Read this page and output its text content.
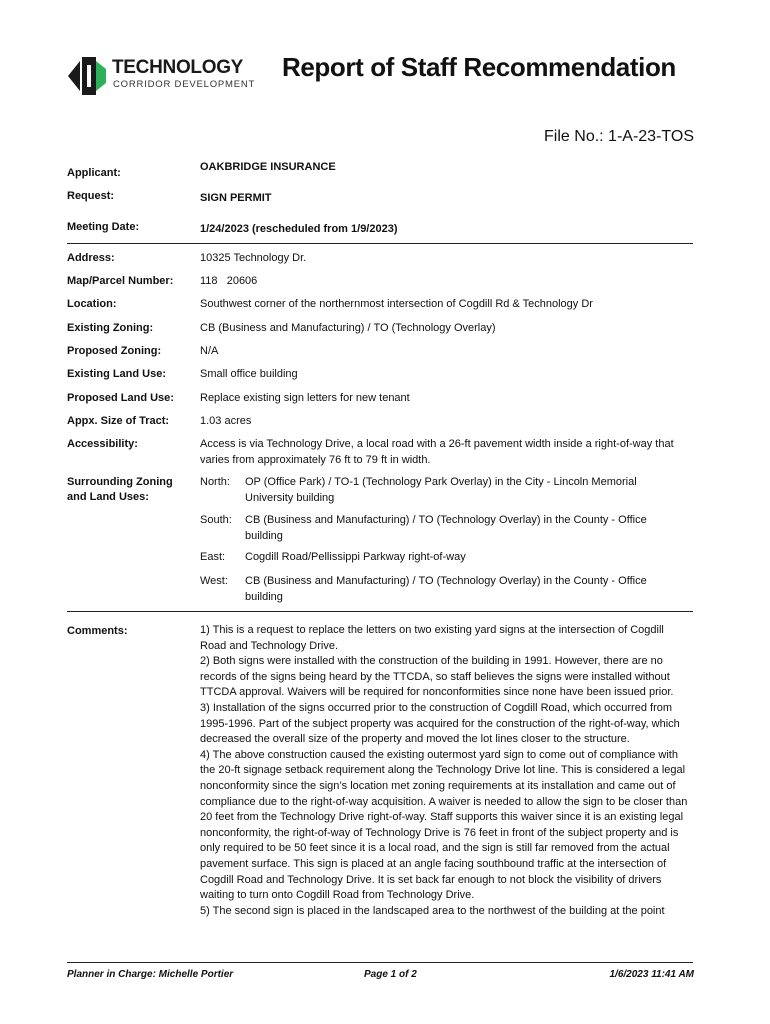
TECHNOLOGY
CORRIDOR DEVELOPMENT
Report of Staff Recommendation
File No.: 1-A-23-TOS
Applicant:	OAKBRIDGE INSURANCE
Request:	SIGN PERMIT
Meeting Date:	1/24/2023 (rescheduled from 1/9/2023)
Address:	10325 Technology Dr.
Map/Parcel Number: 118   20606
Location:	Southwest corner of the northernmost intersection of Cogdill Rd & Technology Dr
Existing Zoning:	CB (Business and Manufacturing) / TO (Technology Overlay)
Proposed Zoning:	N/A
Existing Land Use:	Small office building
Proposed Land Use: Replace existing sign letters for new tenant
Appx. Size of Tract:	1.03 acres
Accessibility:	Access is via Technology Drive, a local road with a 26-ft pavement width inside a right-of-way that varies from approximately 76 ft to 79 ft in width.
Surrounding Zoning
and Land Uses:
North: OP (Office Park) / TO-1 (Technology Park Overlay) in the City - Lincoln Memorial University building
South: CB (Business and Manufacturing) / TO (Technology Overlay) in the County - Office building
East: Cogdill Road/Pellissippi Parkway right-of-way
West: CB (Business and Manufacturing) / TO (Technology Overlay) in the County - Office building
Comments:	1) This is a request to replace the letters on two existing yard signs at the intersection of Cogdill Road and Technology Drive.

2) Both signs were installed with the construction of the building in 1991. However, there are no records of the signs being heard by the TTCDA, so staff believes the signs were installed without TTCDA approval. Waivers will be required for nonconformities since none have been issued prior.

3) Installation of the signs occurred prior to the construction of Cogdill Road, which occurred from 1995-1996. Part of the subject property was acquired for the construction of the right-of-way, which decreased the overall size of the property and moved the lot lines closer to the structure.

4) The above construction caused the existing outermost yard sign to come out of compliance with the 20-ft signage setback requirement along the Technology Drive lot line. This is considered a legal nonconformity since the sign’s location met zoning requirements at its installation and came out of compliance due to the right-of-way acquisition. A waiver is needed to allow the sign to be closer than 20 feet from the Technology Drive right-of-way. Staff supports this waiver since it is an existing legal nonconformity, the right-of-way of Technology Drive is 76 feet in front of the subject property and is only required to be 50 feet since it is a local road, and the sign is still far removed from the actual pavement surface. This sign is placed at an angle facing southbound traffic at the intersection of Cogdill Road and Technology Drive. It is set back far enough to not block the visibility of drivers waiting to turn onto Cogdill Road from Technology Drive.

5) The second sign is placed in the landscaped area to the northwest of the building at the point

Planner in Charge: Michelle Portier	Page 1 of 2	1/6/2023 11:41 AM
